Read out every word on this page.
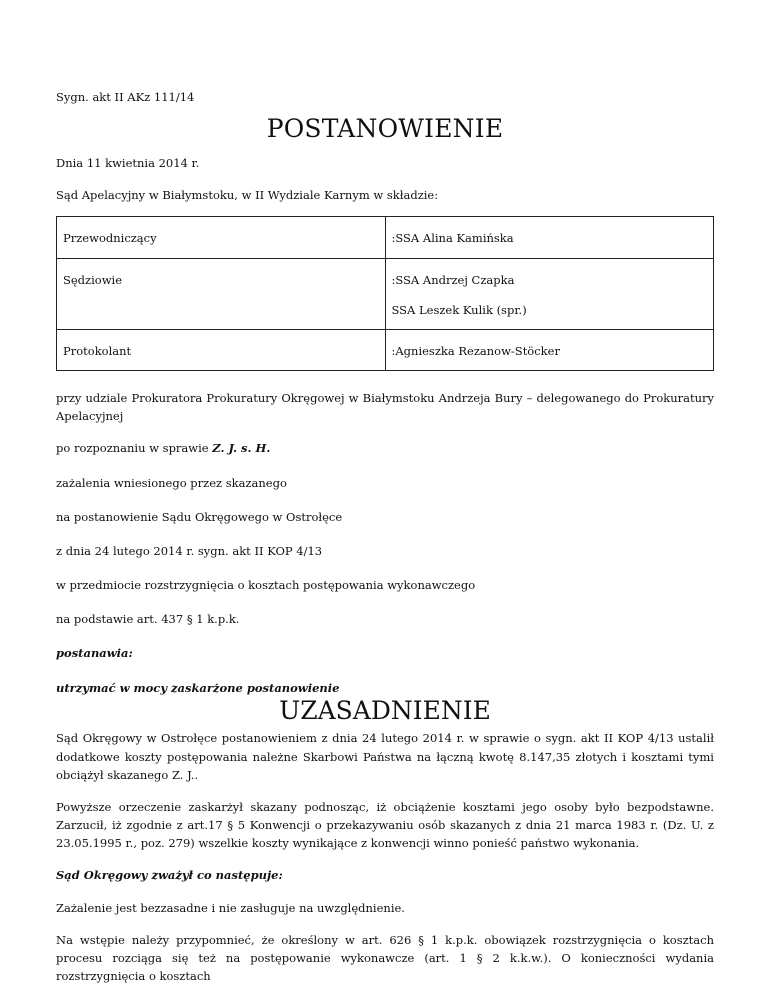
Sygn. akt II AKz 111/14

POSTANOWIENIE

Dnia 11 kwietnia 2014 r.

Sąd Apelacyjny w Białymstoku, w II Wydziale Karnym w składzie:

Przewodniczący	:SSA Alina Kamińska
Sędziowie	:SSA Andrzej Czapka
SSA Leszek Kulik (spr.)

Protokolant	:Agnieszka Rezanow-Stöcker

przy udziale Prokuratora Prokuratury Okręgowej w Białymstoku Andrzeja Bury – delegowanego do Prokuratury Apelacyjnej

po rozpoznaniu w sprawie Z. J. s. H.

zażalenia wniesionego przez skazanego

na postanowienie Sądu Okręgowego w Ostrołęce

z dnia 24 lutego 2014 r. sygn. akt II KOP 4/13

w przedmiocie rozstrzygnięcia o kosztach postępowania wykonawczego

na podstawie art. 437 § 1 k.p.k.

postanawia:

utrzymać w mocy zaskarżone postanowienie

UZASADNIENIE

Sąd Okręgowy w Ostrołęce postanowieniem z dnia 24 lutego 2014 r. w sprawie o sygn. akt II KOP 4/13 ustalił dodatkowe koszty postępowania należne Skarbowi Państwa na łączną kwotę 8.147,35 złotych i kosztami tymi obciążył skazanego Z. J..

Powyższe orzeczenie zaskarżył skazany podnosząc, iż obciążenie kosztami jego osoby było bezpodstawne. Zarzucił, iż zgodnie z art.17 § 5 Konwencji o przekazywaniu osób skazanych z dnia 21 marca 1983 r. (Dz. U. z 23.05.1995 r., poz. 279) wszelkie koszty wynikające z konwencji winno ponieść państwo wykonania.

Sąd Okręgowy zważył co następuje:

Zażalenie jest bezzasadne i nie zasługuje na uwzględnienie.

Na wstępie należy przypomnieć, że określony w art. 626 § 1 k.p.k. obowiązek rozstrzygnięcia o kosztach procesu rozciąga się też na postępowanie wykonawcze (art. 1 § 2 k.k.w.). O konieczności wydania rozstrzygnięcia o kosztach
